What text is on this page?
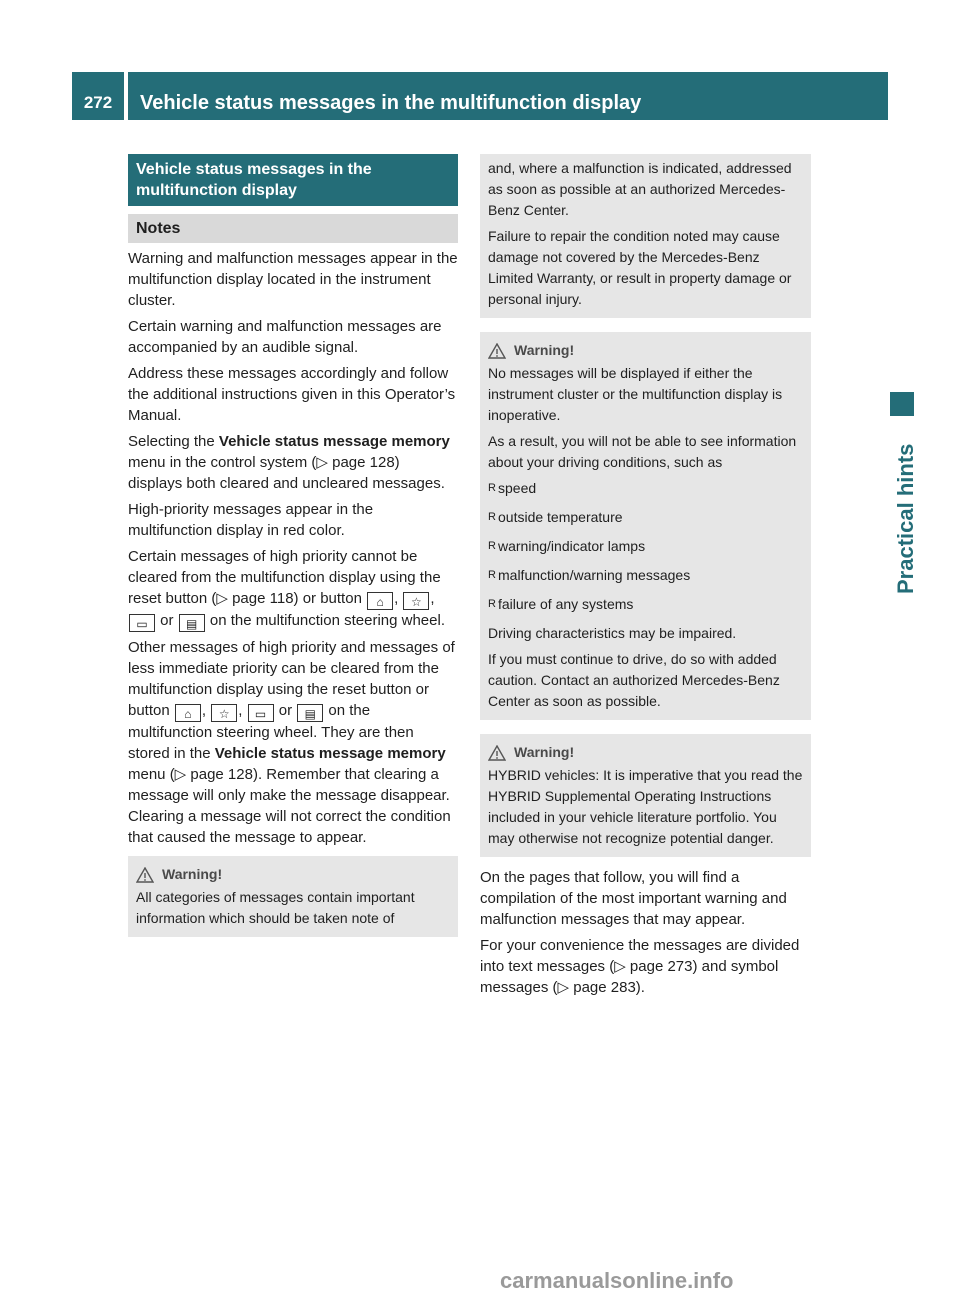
272	Vehicle status messages in the multifunction display
Practical hints
Vehicle status messages in the multifunction display
Notes

Warning and malfunction messages appear in the multifunction display located in the instrument cluster.

Certain warning and malfunction messages are accompanied by an audible signal.

Address these messages accordingly and follow the additional instructions given in this Operator’s Manual.

Selecting the Vehicle status message memory menu in the control system (▷ page 128) displays both cleared and uncleared messages.

High-priority messages appear in the multifunction display in red color.

Certain messages of high priority cannot be cleared from the multifunction display using the reset button (▷ page 118) or button ⌂ , ☆ , ▭ or ▤ on the multifunction steering wheel.

Other messages of high priority and messages of less immediate priority can be cleared from the multifunction display using the reset button or button ⌂ , ☆ , ▭ or ▤ on the multifunction steering wheel. They are then stored in the Vehicle status message memory menu (▷ page 128). Remember that clearing a message will only make the message disappear. Clearing a message will not correct the condition that caused the message to appear.

Warning!
All categories of messages contain important information which should be taken note of

and, where a malfunction is indicated, addressed as soon as possible at an authorized Mercedes-Benz Center.

Failure to repair the condition noted may cause damage not covered by the Mercedes-Benz Limited Warranty, or result in property damage or personal injury.

Warning!

No messages will be displayed if either the instrument cluster or the multifunction display is inoperative.

As a result, you will not be able to see information about your driving conditions, such as

R speed
R outside temperature
R warning/indicator lamps
R malfunction/warning messages
R failure of any systems

Driving characteristics may be impaired.

If you must continue to drive, do so with added caution. Contact an authorized Mercedes-Benz Center as soon as possible.

Warning!
HYBRID vehicles: It is imperative that you read the HYBRID Supplemental Operating Instructions included in your vehicle literature portfolio. You may otherwise not recognize potential danger.

On the pages that follow, you will find a compilation of the most important warning and malfunction messages that may appear.

For your convenience the messages are divided into text messages (▷ page 273) and symbol messages (▷ page 283).

carmanualsonline.info
